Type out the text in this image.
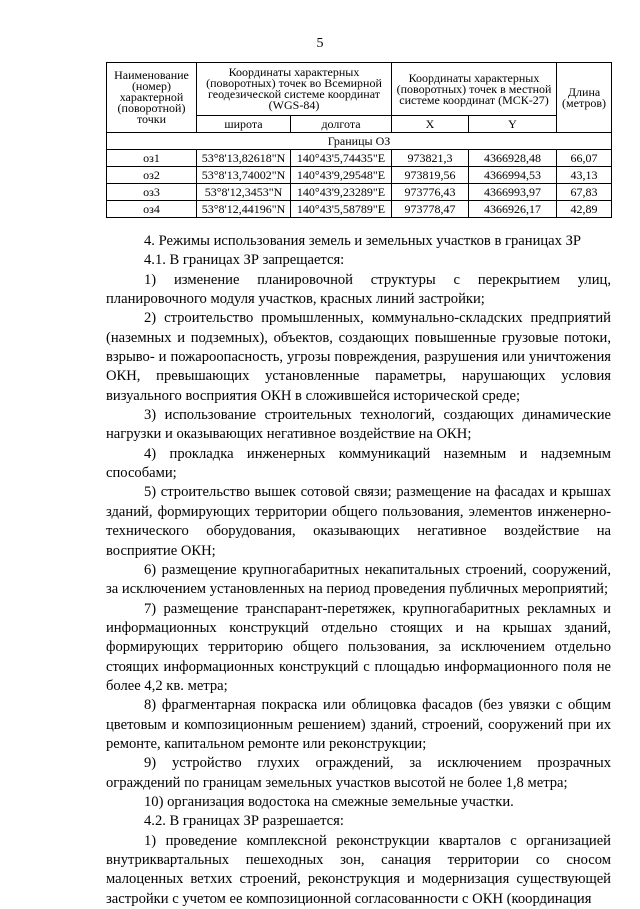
5
Наименование (номер) характерной (поворотной) точки	Координаты характерных (поворотных) точек во Всемирной геодезической системе координат (WGS-84)		Координаты характерных (поворотных) точек в местной системе координат (МСК-27)		Длина (метров)
	широта	долгота	X	Y	
Границы ОЗ					
оз1	53°8'13,82618"N	140°43'5,74435"E	973821,3	4366928,48	66,07
оз2	53°8'13,74002"N	140°43'9,29548"E	973819,56	4366994,53	43,13
оз3	53°8'12,3453"N	140°43'9,23289"E	973776,43	4366993,97	67,83
оз4	53°8'12,44196"N	140°43'5,58789"E	973778,47	4366926,17	42,89

4. Режимы использования земель и земельных участков в границах ЗР

4.1. В границах ЗР запрещается:

1) изменение планировочной структуры с перекрытием улиц, планировочного модуля участков, красных линий застройки;

2) строительство промышленных, коммунально-складских предприятий (наземных и подземных), объектов, создающих повышенные грузовые потоки, взрыво- и пожароопасность, угрозы повреждения, разрушения или уничтожения ОКН, превышающих установленные параметры, нарушающих условия визуального восприятия ОКН в сложившейся исторической среде;

3) использование строительных технологий, создающих динамические нагрузки и оказывающих негативное воздействие на ОКН;

4) прокладка инженерных коммуникаций наземным и надземным способами;

5) строительство вышек сотовой связи; размещение на фасадах и крышах зданий, формирующих территории общего пользования, элементов инженерно-технического оборудования, оказывающих негативное воздействие на восприятие ОКН;

6) размещение крупногабаритных некапитальных строений, сооружений, за исключением установленных на период проведения публичных мероприятий;

7) размещение транспарант-перетяжек, крупногабаритных рекламных и информационных конструкций отдельно стоящих и на крышах зданий, формирующих территорию общего пользования, за исключением отдельно стоящих информационных конструкций с площадью информационного поля не более 4,2 кв. метра;

8) фрагментарная покраска или облицовка фасадов (без увязки с общим цветовым и композиционным решением) зданий, строений, сооружений при их ремонте, капитальном ремонте или реконструкции;

9) устройство глухих ограждений, за исключением прозрачных ограждений по границам земельных участков высотой не более 1,8 метра;

10) организация водостока на смежные земельные участки.

4.2. В границах ЗР разрешается:

1) проведение комплексной реконструкции кварталов с организацией внутриквартальных пешеходных зон, санация территории со сносом малоценных ветхих строений, реконструкция и модернизация существующей застройки с учетом ее композиционной согласованности с ОКН (координация
